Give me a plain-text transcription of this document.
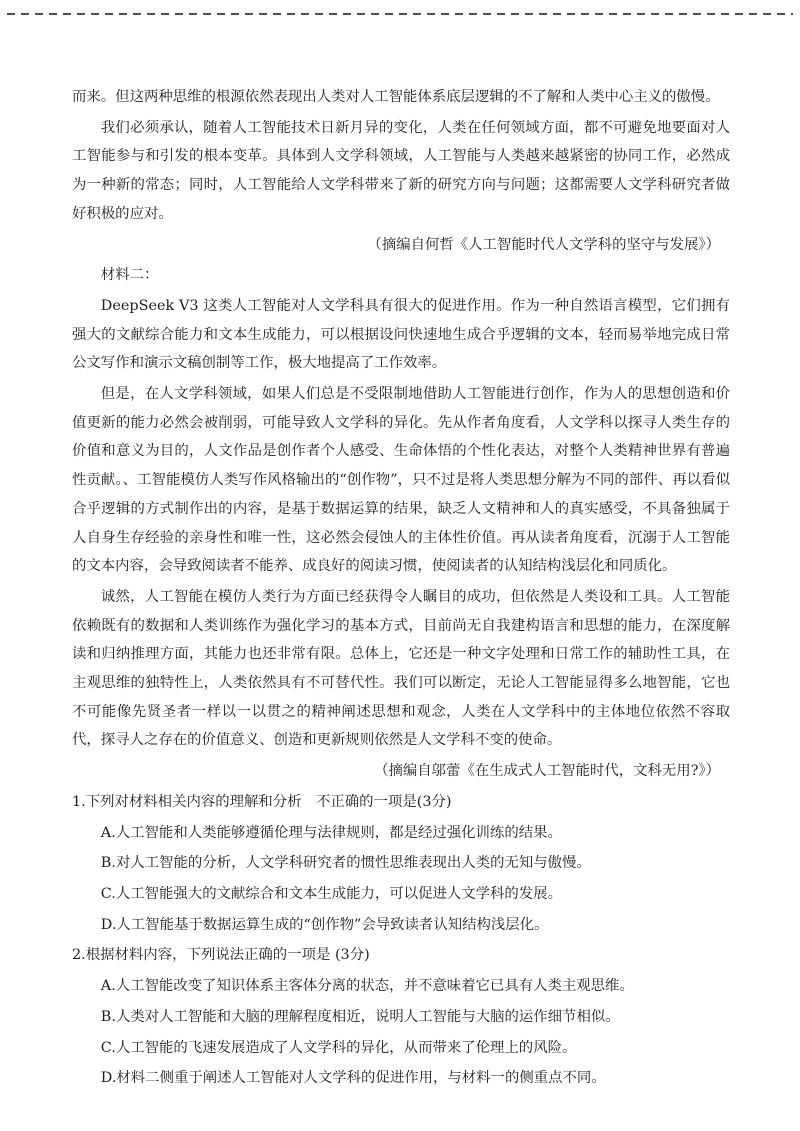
而来。但这两种思维的根源依然表现出人类对人工智能体系底层逻辑的不了解和人类中心主义的傲慢。

我们必须承认，随着人工智能技术日新月异的变化，人类在任何领域方面，都不可避免地要面对人工智能参与和引发的根本变革。具体到人文学科领域，人工智能与人类越来越紧密的协同工作，必然成为一种新的常态；同时，人工智能给人文学科带来了新的研究方向与问题；这都需要人文学科研究者做好积极的应对。

（摘编自何哲《人工智能时代人文学科的坚守与发展》）

材料二：

DeepSeek V3 这类人工智能对人文学科具有很大的促进作用。作为一种自然语言模型，它们拥有强大的文献综合能力和文本生成能力，可以根据设问快速地生成合乎逻辑的文本，轻而易举地完成日常公文写作和演示文稿创制等工作，极大地提高了工作效率。

但是，在人文学科领域，如果人们总是不受限制地借助人工智能进行创作，作为人的思想创造和价值更新的能力必然会被削弱，可能导致人文学科的异化。先从作者角度看，人文学科以探寻人类生存的价值和意义为目的，人文作品是创作者个人感受、生命体悟的个性化表达，对整个人类精神世界有普遍性贡献。、工智能模仿人类写作风格输出的“创作物”，只不过是将人类思想分解为不同的部件、再以看似合乎逻辑的方式制作出的内容，是基于数据运算的结果，缺乏人文精神和人的真实感受，不具备独属于人自身生存经验的亲身性和唯一性，这必然会侵蚀人的主体性价值。再从读者角度看，沉溺于人工智能的文本内容，会导致阅读者不能养、成良好的阅读习惯，使阅读者的认知结构浅层化和同质化。

诚然，人工智能在模仿人类行为方面已经获得令人瞩目的成功，但依然是人类设和工具。人工智能依赖既有的数据和人类训练作为强化学习的基本方式，目前尚无自我建构语言和思想的能力，在深度解读和归纳推理方面，其能力也还非常有限。总体上，它还是一种文字处理和日常工作的辅助性工具，在主观思维的独特性上，人类依然具有不可替代性。我们可以断定，无论人工智能显得多么地智能，它也不可能像先贤圣者一样以一以贯之的精神阐述思想和观念，人类在人文学科中的主体地位依然不容取代，探寻人之存在的价值意义、创造和更新规则依然是人文学科不变的使命。

（摘编自邬蕾《在生成式人工智能时代，文科无用?》）

1.下列对材料相关内容的理解和分析　不正确的一项是(3分)

A.人工智能和人类能够遵循伦理与法律规则，都是经过强化训练的结果。

B.对人工智能的分析，人文学科研究者的惯性思维表现出人类的无知与傲慢。

C.人工智能强大的文献综合和文本生成能力，可以促进人文学科的发展。

D.人工智能基于数据运算生成的“创作物”会导致读者认知结构浅层化。

2.根据材料内容，下列说法正确的一项是 (3分)

A.人工智能改变了知识体系主客体分离的状态，并不意味着它已具有人类主观思维。

B.人类对人工智能和大脑的理解程度相近，说明人工智能与大脑的运作细节相似。

C.人工智能的飞速发展造成了人文学科的异化，从而带来了伦理上的风险。

D.材料二侧重于阐述人工智能对人文学科的促进作用，与材料一的侧重点不同。
